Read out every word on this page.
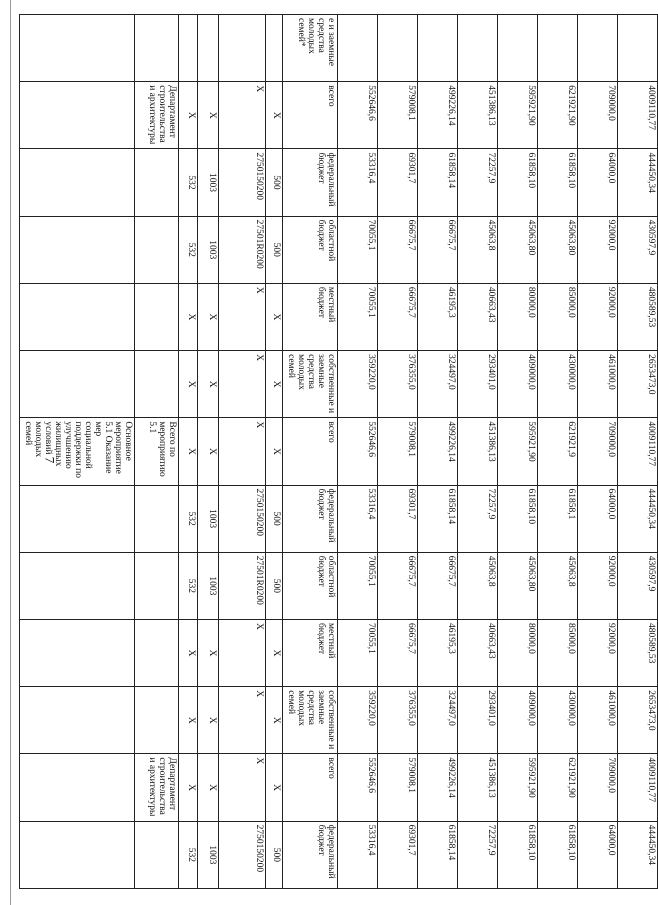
7
	4009110,77	444450,34	430597,9	480589,53	2653473,0	4009110,77	444450,34	430597,9	480589,53	2653473,0	4009110,77	444450,34
	709000,0	64000,0	92000,0	92000,0	461000,0	709000,0	64000,0	92000,0	92000,0	461000,0	709000,0	64000,0
	621921,90	61858,10	45063,80	85000,0	430000,0	621921,9	61858,1	45063,8	85000,0	430000,0	621921,90	61858,10
	595921,90	61858,10	45063,80	80000,0	409000,0	595921,90	61858,10	45063,80	80000,0	409000,0	595921,90	61858,10
	451386,13	72257,9	45063,8	40663,43	293401,0	451386,13	72257,9	45063,8	40663,43	293401,0	451386,13	72257,9
	499226,14	61858,14	66675,7	46195,3	324497,0	499226,14	61858,14	66675,7	46195,3	324497,0	499226,14	61858,14
	579008,1	69301,7	66675,7	66675,7	376355,0	579008,1	69301,7	66675,7	66675,7	376355,0	579008,1	69301,7
	552646,6	53316,4	70055,1	70055,1	359220,0	552646,6	53316,4	70055,1	70055,1	359220,0	552646,6	53316,4
е и заемные средства молодых семей*	всего	федеральный бюджет	областной бюджет	местный бюджет	собственные и заемные средства молодых семей	всего	федеральный бюджет	областной бюджет	местный бюджет	собственные и заемные средства молодых семей	всего	федеральный бюджет
	X	500	500	X	X	X	500	500	X	X	X	500
	X	2750150200	27501R0200	X	X	X	2750150200	27501R0200	X	X	X	2750150200
	X	1003	1003	X	X	X	1003	1003	X	X	X	1003
	X	532	532	X	X	X	532	532	X	X	X	532
	Департамент строительства и архитектуры					Всего по мероприятию 5.1					Департамент строительства и архитектуры	
						Основное мероприятие 5.1 Оказание мер социальной поддержки по улучшению жилищных условий молодых семей						
